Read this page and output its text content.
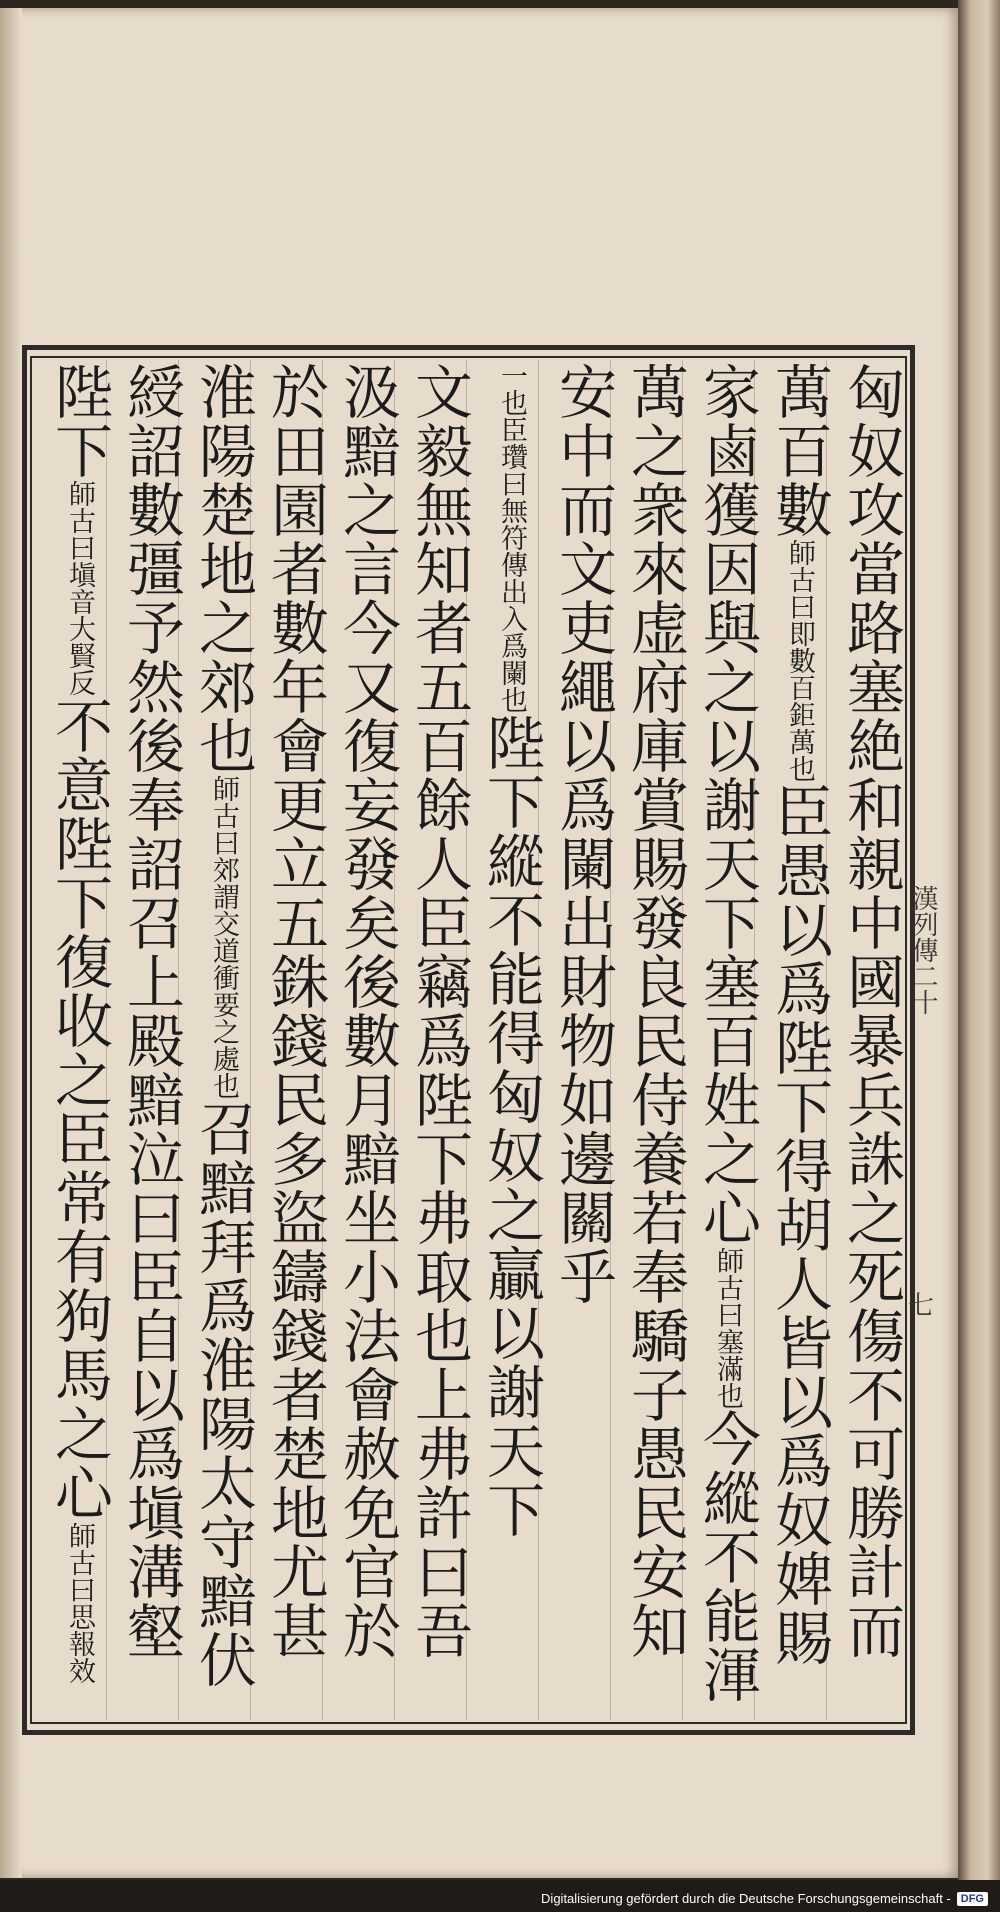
匈奴攻當路塞絶和親中國暴兵誅之死傷不可勝計而
萬百數師古曰即數百鉅萬也臣愚以爲陛下得胡人皆以爲奴婢賜
家鹵獲因與之以謝天下塞百姓之心師古曰塞滿也今縱不能渾
萬之衆來虚府庫賞賜發良民侍養若奉驕子愚民安知
安中而文吏繩以爲闌出財物如邊關乎
一也臣瓚曰無符傳出入爲闌也陛下縱不能得匈奴之贏以謝天下
文毅無知者五百餘人臣竊爲陛下弗取也上弗許曰吾
汲黯之言今又復妄發矣後數月黯坐小法會赦免官於
於田園者數年會更立五銖錢民多盜鑄錢者楚地尤甚
淮陽楚地之郊也師古曰郊謂交道衝要之處也召黯拜爲淮陽太守黯伏
綬詔數彊予然後奉詔召上殿黯泣曰臣自以爲塡溝壑
陛下師古曰塡音大賢反不意陛下復收之臣常有狗馬之心師古曰思報效
漢列傳二十
七
Digitalisierung gefördert durch die Deutsche Forschungsgemeinschaft - DFG
